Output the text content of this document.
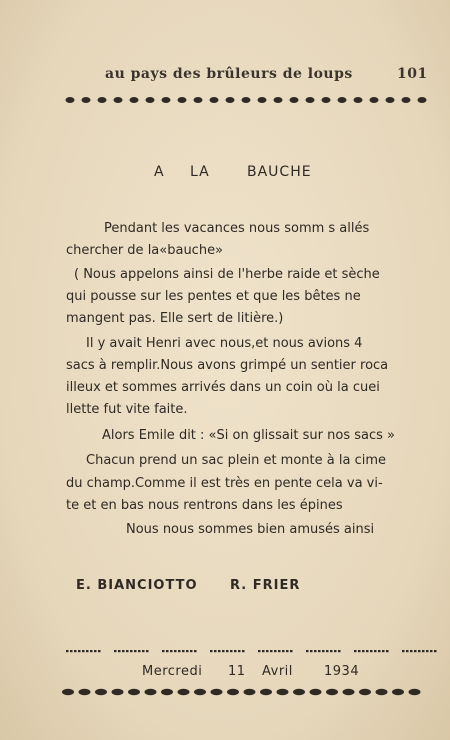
au pays des brûleurs de loups	101
A LA	BAUCHE
Pendant les vacances nous somm s allés
chercher de la«bauche»
( Nous appelons ainsi de l'herbe raide et sèche
qui pousse sur les pentes et que les bêtes ne
mangent pas. Elle sert de litière.)
Il y avait Henri avec nous,et nous avions 4
sacs à remplir.Nous avons grimpé un sentier roca
illeux et sommes arrivés dans un coin où la cuei
llette fut vite faite.
Alors Emile dit : «Si on glissait sur nos sacs »
Chacun prend un sac plein et monte à la cime
du champ.Comme il est très en pente cela va vi-
te et en bas nous rentrons dans les épines
Nous nous sommes bien amusés ainsi
E. BIANCIOTTO R. FRIER
Mercredi 11 Avril 1934
